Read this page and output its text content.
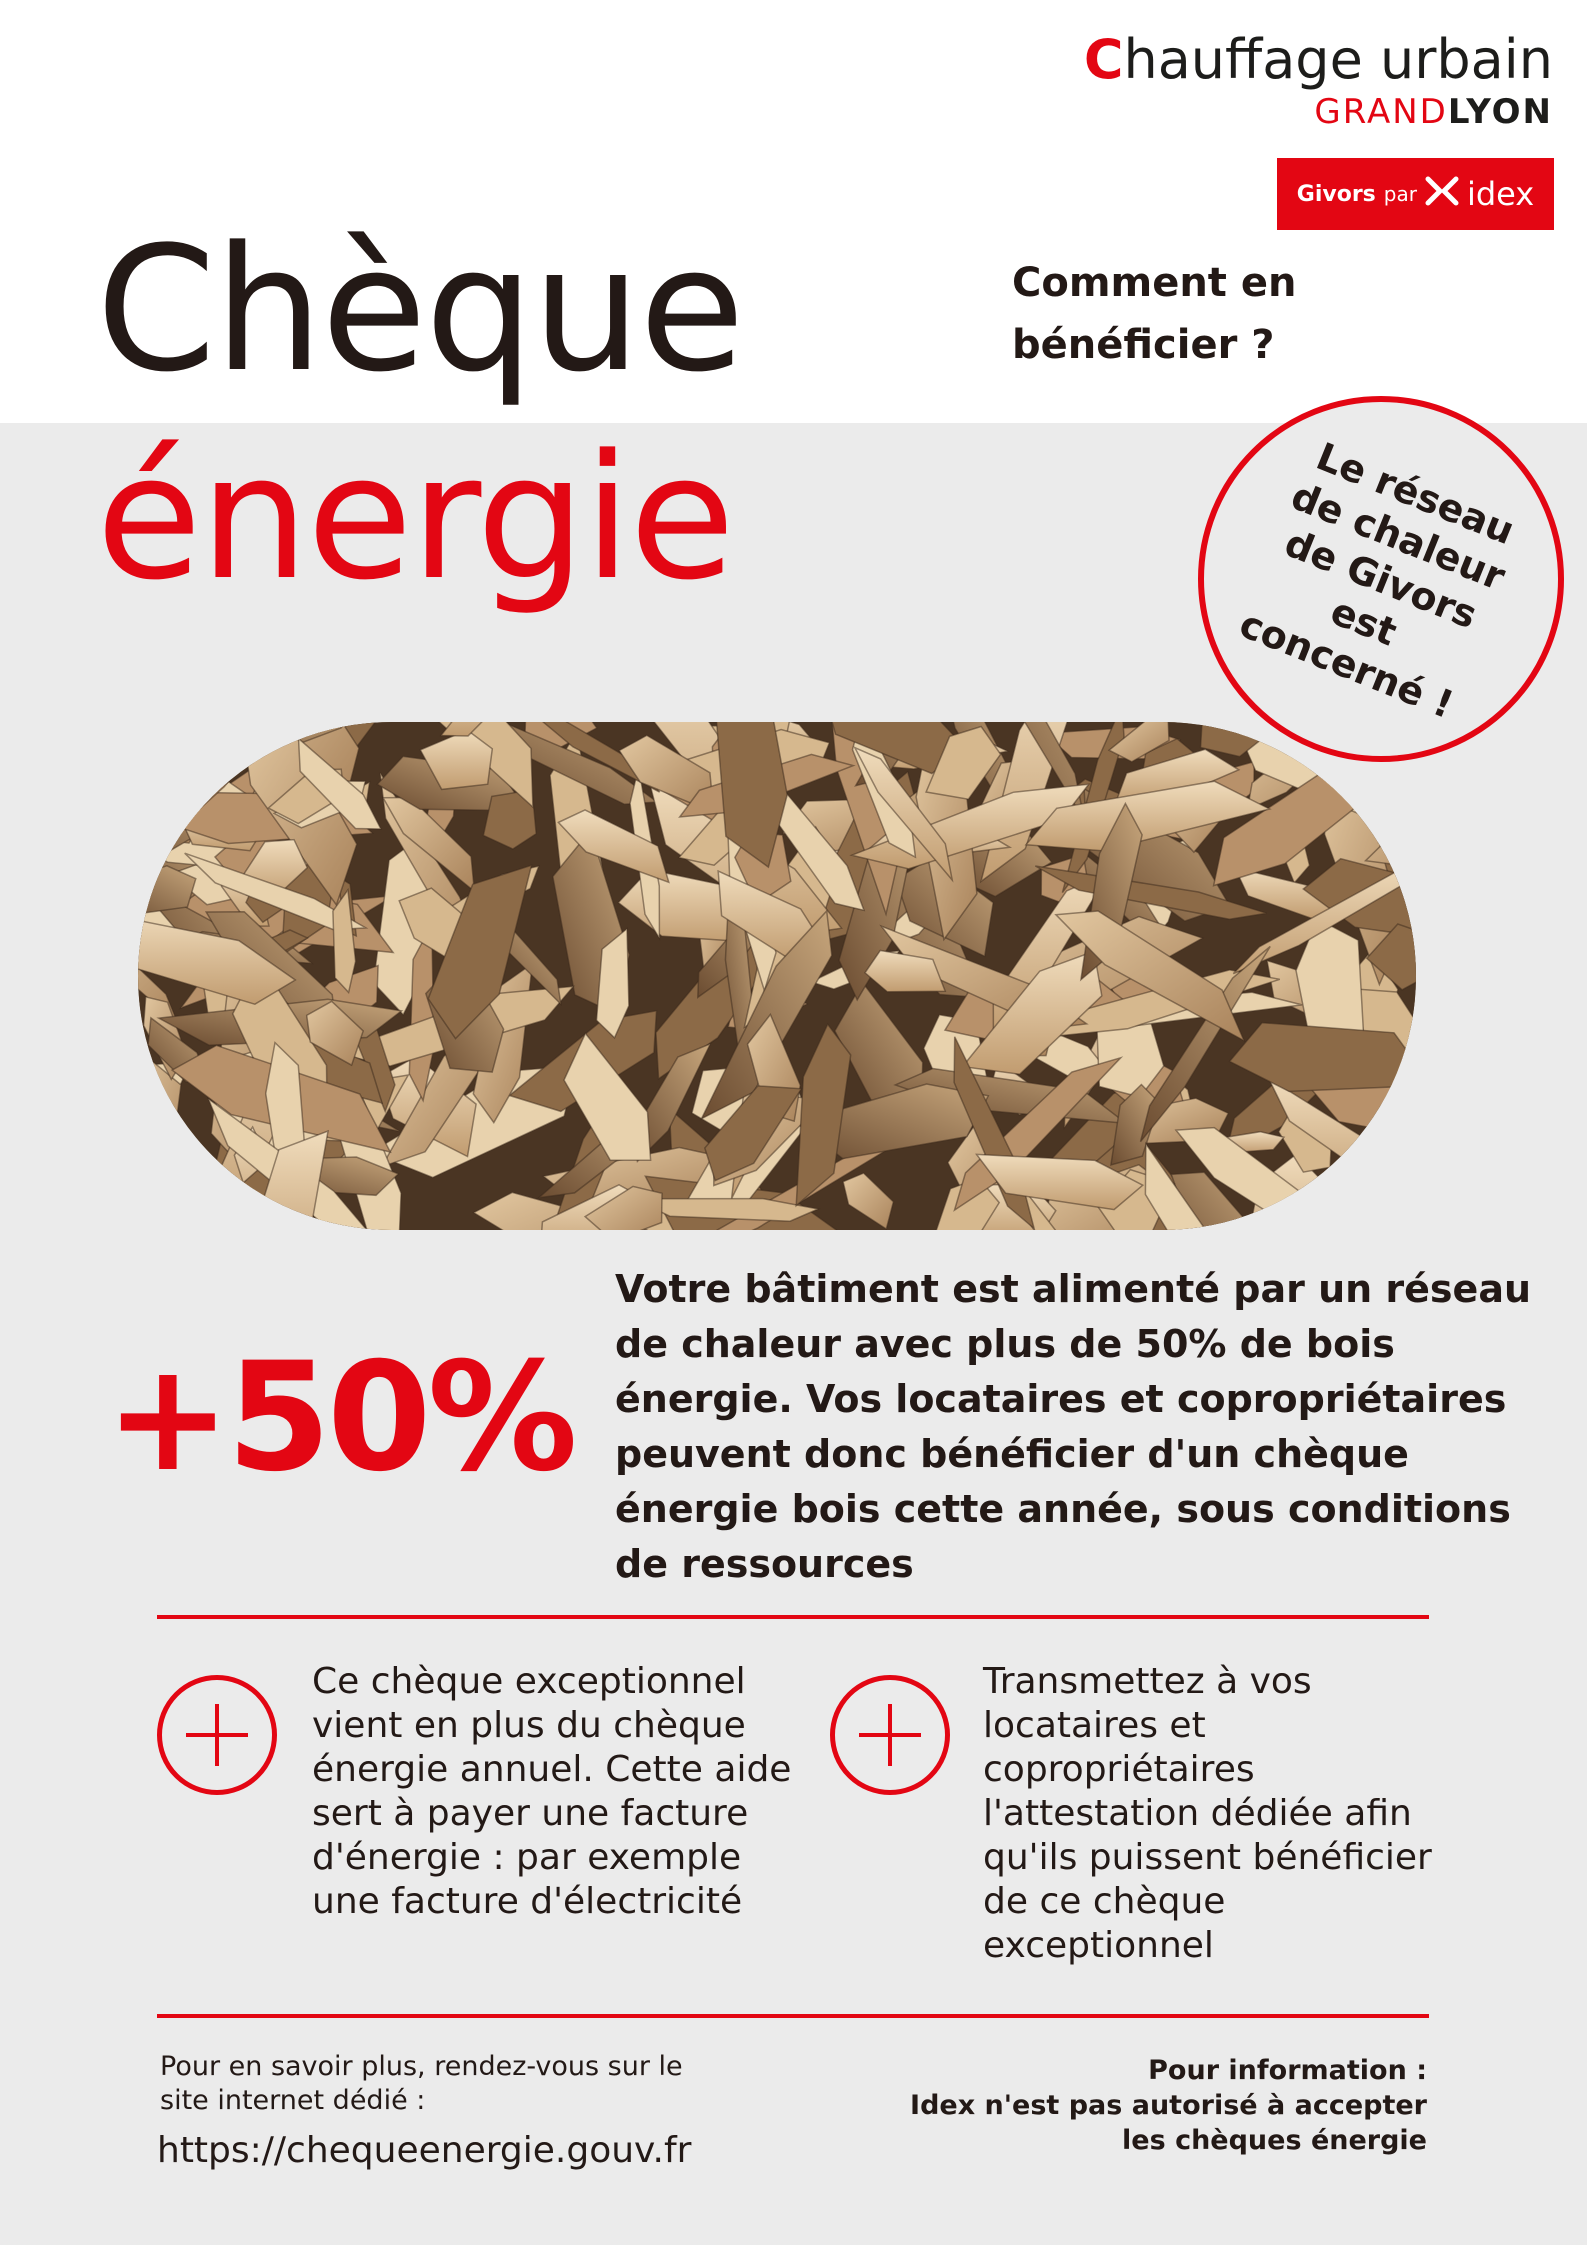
Chauffage urbain
GRANDLYON
Givors par idex
Chèque
énergie
Comment en bénéficier ?
Le réseau de chaleur de Givors est concerné !
+50%
Votre bâtiment est alimenté par un réseau de chaleur avec plus de 50% de bois énergie. Vos locataires et copropriétaires peuvent donc bénéficier d'un chèque énergie bois cette année, sous conditions de ressources
Ce chèque exceptionnel vient en plus du chèque énergie annuel. Cette aide sert à payer une facture d'énergie : par exemple une facture d'électricité
Transmettez à vos locataires et copropriétaires l'attestation dédiée afin qu'ils puissent bénéficier de ce chèque exceptionnel
Pour en savoir plus, rendez-vous sur le site internet dédié :
https://chequeenergie.gouv.fr
Pour information :
Idex n'est pas autorisé à accepter les chèques énergie
